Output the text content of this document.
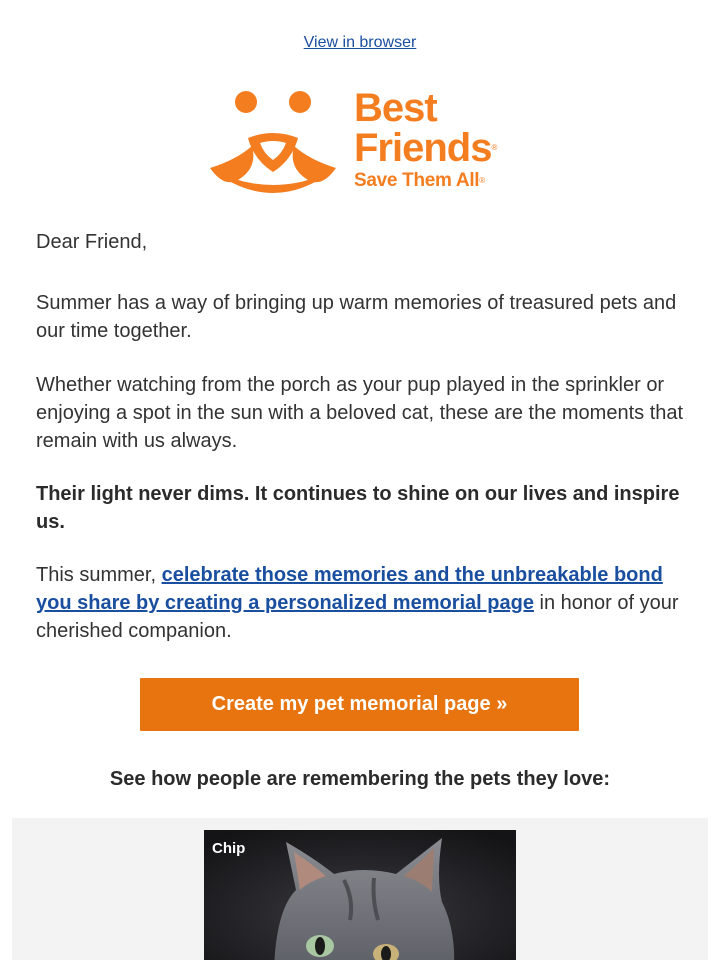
View in browser
Best
Friends®
Save Them All®

Dear Friend,

Summer has a way of bringing up warm memories of treasured pets and our time together.

Whether watching from the porch as your pup played in the sprinkler or enjoying a spot in the sun with a beloved cat, these are the moments that remain with us always.

Their light never dims. It continues to shine on our lives and inspire us.

This summer, celebrate those memories and the unbreakable bond you share by creating a personalized memorial page in honor of your cherished companion.

Create my pet memorial page »
See how people are remembering the pets they love:
Chip
